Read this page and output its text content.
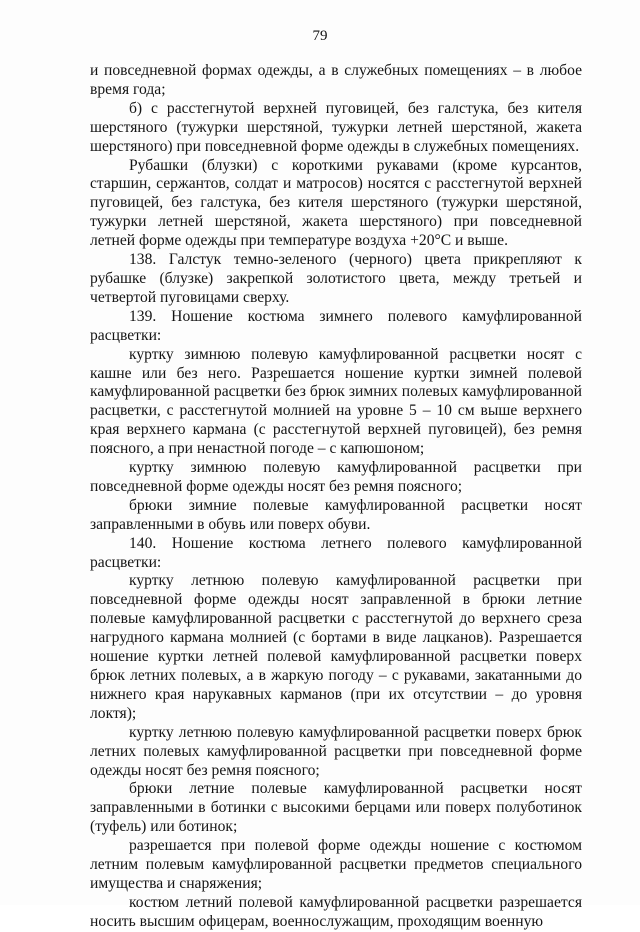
79

и повседневной формах одежды, а в служебных помещениях – в любое время года;

б) с расстегнутой верхней пуговицей, без галстука, без кителя шерстяного (тужурки шерстяной, тужурки летней шерстяной, жакета шерстяного) при повседневной форме одежды в служебных помещениях.

Рубашки (блузки) с короткими рукавами (кроме курсантов, старшин, сержантов, солдат и матросов) носятся с расстегнутой верхней пуговицей, без галстука, без кителя шерстяного (тужурки шерстяной, тужурки летней шерстяной, жакета шерстяного) при повседневной летней форме одежды при температуре воздуха +20°С и выше.

138. Галстук темно-зеленого (черного) цвета прикрепляют к рубашке (блузке) закрепкой золотистого цвета, между третьей и четвертой пуговицами сверху.

139. Ношение костюма зимнего полевого камуфлированной расцветки:

куртку зимнюю полевую камуфлированной расцветки носят с кашне или без него. Разрешается ношение куртки зимней полевой камуфлированной расцветки без брюк зимних полевых камуфлированной расцветки, с расстегнутой молнией на уровне 5 – 10 см выше верхнего края верхнего кармана (с расстегнутой верхней пуговицей), без ремня поясного, а при ненастной погоде – с капюшоном;

куртку зимнюю полевую камуфлированной расцветки при повседневной форме одежды носят без ремня поясного;

брюки зимние полевые камуфлированной расцветки носят заправленными в обувь или поверх обуви.

140. Ношение костюма летнего полевого камуфлированной расцветки:

куртку летнюю полевую камуфлированной расцветки при повседневной форме одежды носят заправленной в брюки летние полевые камуфлированной расцветки с расстегнутой до верхнего среза нагрудного кармана молнией (с бортами в виде лацканов). Разрешается ношение куртки летней полевой камуфлированной расцветки поверх брюк летних полевых, а в жаркую погоду – с рукавами, закатанными до нижнего края нарукавных карманов (при их отсутствии – до уровня локтя);

куртку летнюю полевую камуфлированной расцветки поверх брюк летних полевых камуфлированной расцветки при повседневной форме одежды носят без ремня поясного;

брюки летние полевые камуфлированной расцветки носят заправленными в ботинки с высокими берцами или поверх полуботинок (туфель) или ботинок;

разрешается при полевой форме одежды ношение с костюмом летним полевым камуфлированной расцветки предметов специального имущества и снаряжения;

костюм летний полевой камуфлированной расцветки разрешается носить высшим офицерам, военнослужащим, проходящим военную
